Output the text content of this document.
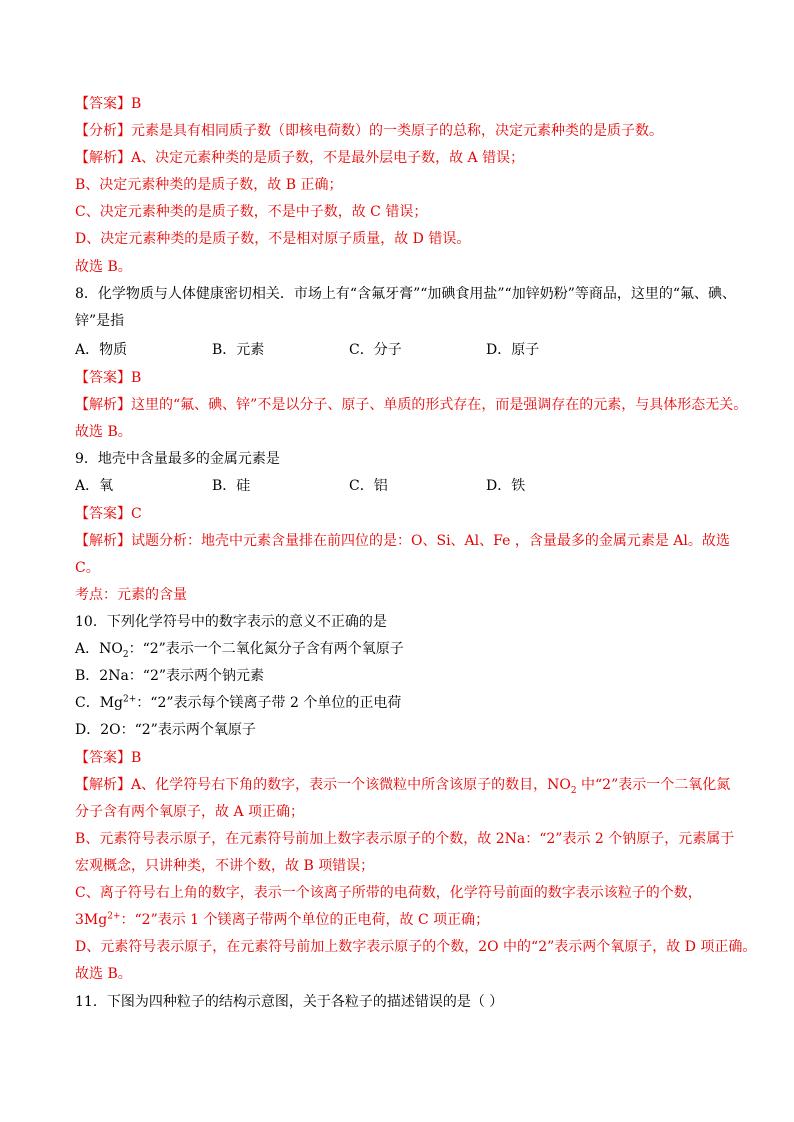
【答案】B
【分析】元素是具有相同质子数（即核电荷数）的一类原子的总称，决定元素种类的是质子数。
【解析】A、决定元素种类的是质子数，不是最外层电子数，故 A 错误；
B、决定元素种类的是质子数，故 B 正确；
C、决定元素种类的是质子数，不是中子数，故 C 错误；
D、决定元素种类的是质子数，不是相对原子质量，故 D 错误。
故选 B。
8．化学物质与人体健康密切相关．市场上有“含氟牙膏”“加碘食用盐”“加锌奶粉”等商品，这里的“氟、碘、
锌”是指
A．物质	B．元素	C．分子	D．原子
【答案】B
【解析】这里的“氟、碘、锌”不是以分子、原子、单质的形式存在，而是强调存在的元素，与具体形态无关。
故选 B。
9．地壳中含量最多的金属元素是
A．氧	B．硅	C．铝	D．铁
【答案】C
【解析】试题分析：地壳中元素含量排在前四位的是：O、Si、Al、Fe ，含量最多的金属元素是 Al。故选
C。
考点：元素的含量
10．下列化学符号中的数字表示的意义不正确的是
A．$NO_2$：“2”表示一个二氧化氮分子含有两个氧原子
B．2Na：“2”表示两个钠元素
C．$Mg^{2+}$：“2”表示每个镁离子带 2 个单位的正电荷
D．2O：“2”表示两个氧原子
【答案】B
【解析】A、化学符号右下角的数字，表示一个该微粒中所含该原子的数目，$NO_2$ 中“2”表示一个二氧化氮
分子含有两个氧原子，故 A 项正确；
B、元素符号表示原子，在元素符号前加上数字表示原子的个数，故 2Na：“2”表示 2 个钠原子，元素属于
宏观概念，只讲种类，不讲个数，故 B 项错误；
C、离子符号右上角的数字，表示一个该离子所带的电荷数，化学符号前面的数字表示该粒子的个数，
$3Mg^{2+}$：“2”表示 1 个镁离子带两个单位的正电荷，故 C 项正确；
D、元素符号表示原子，在元素符号前加上数字表示原子的个数，2O 中的“2”表示两个氧原子，故 D 项正确。
故选 B。
11．下图为四种粒子的结构示意图，关于各粒子的描述错误的是（ ）
